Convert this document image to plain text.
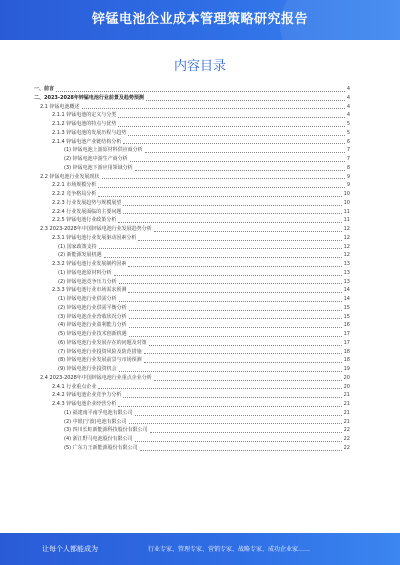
锌锰电池企业成本管理策略研究报告
内容目录
一、前言	4
二、2023-2028年锌锰电池行业前景及趋势预测	4
2.1 锌锰电池概述	4
2.1.1 锌锰电池的定义与分类	4
2.1.2 锌锰电池的特点与优势	5
2.1.3 锌锰电池的发展历程与趋势	5
2.1.4 锌锰电池产业链结构分析	6
(1) 锌锰电池上游原材料供应商分析	7
(2) 锌锰电池中游生产商分析	7
(3) 锌锰电池下游应用领域分析	8
2.2 锌锰电池行业发展现状	9
2.2.1 市场规模分析	9
2.2.2 竞争格局分析	10
2.2.3 行业发展趋势与规模展望	10
2.2.4 行业发展面临的主要问题	11
2.2.5 锌锰电池行业政策分析	11
2.3 2023-2028年中国锌锰电池行业发展趋势分析	12
2.3.1 锌锰电池行业发展驱动因素分析	12
(1) 国家政策支持	12
(2) 新能源发展机遇	12
2.3.2 锌锰电池行业发展制约因素	13
(1) 锌锰电池原材料分析	13
(2) 锌锰电池竞争压力分析	13
2.3.3 锌锰电池行业市场需求预测	14
(1) 锌锰电池行业供需分析	14
(2) 锌锰电池行业供需平衡分析	15
(3) 锌锰电池企业营收状况分析	15
(4) 锌锰电池行业盈利能力分析	16
(5) 锌锰电池行业技术创新机遇	17
(6) 锌锰电池行业发展存在的问题及对策	17
(7) 锌锰电池行业投资风险及防范措施	18
(8) 锌锰电池行业发展前景与市场预测	18
(9) 锌锰电池行业投资机会	19
2.4 2023-2028年中国锌锰电池行业重点企业分析	20
2.4.1 行业重点企业	20
2.4.2 锌锰电池企业竞争力分析	21
2.4.3 锌锰电池企业经营分析	21
(1) 福建南平南孚电池有限公司	21
(2) 中银(宁波)电池有限公司	21
(3) 四川长虹新能源科技股份有限公司	22
(4) 浙江野马电池股份有限公司	22
(5) 广东力王新能源股份有限公司	22
让每个人都能成为	行业专家、管理专家、营销专家、战略专家、成功企业家……
